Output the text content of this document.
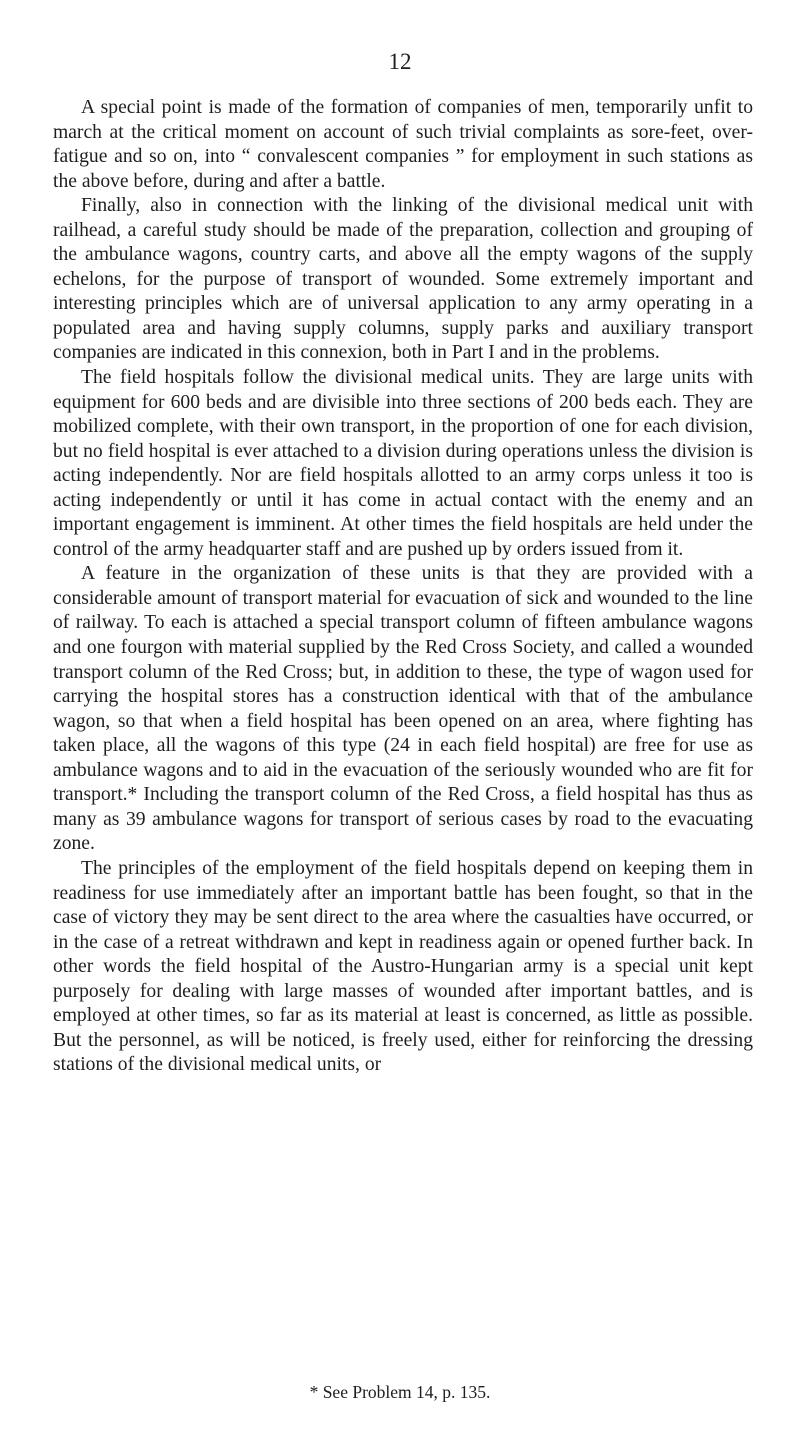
12

A special point is made of the formation of companies of men, temporarily unfit to march at the critical moment on account of such trivial complaints as sore-feet, over-fatigue and so on, into “ convalescent companies ” for employment in such stations as the above before, during and after a battle.

Finally, also in connection with the linking of the divisional medical unit with railhead, a careful study should be made of the preparation, collection and grouping of the ambulance wagons, country carts, and above all the empty wagons of the supply echelons, for the purpose of transport of wounded. Some extremely important and interesting principles which are of universal application to any army operating in a populated area and having supply columns, supply parks and auxiliary transport companies are indicated in this connexion, both in Part I and in the problems.

The field hospitals follow the divisional medical units. They are large units with equipment for 600 beds and are divisible into three sections of 200 beds each. They are mobilized complete, with their own transport, in the proportion of one for each division, but no field hospital is ever attached to a division during operations unless the division is acting independently. Nor are field hospitals allotted to an army corps unless it too is acting independently or until it has come in actual contact with the enemy and an important engagement is imminent. At other times the field hospitals are held under the control of the army headquarter staff and are pushed up by orders issued from it.

A feature in the organization of these units is that they are provided with a considerable amount of transport material for evacuation of sick and wounded to the line of railway. To each is attached a special transport column of fifteen ambulance wagons and one fourgon with material supplied by the Red Cross Society, and called a wounded transport column of the Red Cross; but, in addition to these, the type of wagon used for carrying the hospital stores has a construction identical with that of the ambulance wagon, so that when a field hospital has been opened on an area, where fighting has taken place, all the wagons of this type (24 in each field hospital) are free for use as ambulance wagons and to aid in the evacuation of the seriously wounded who are fit for transport.* Including the transport column of the Red Cross, a field hospital has thus as many as 39 ambulance wagons for transport of serious cases by road to the evacuating zone.

The principles of the employment of the field hospitals depend on keeping them in readiness for use immediately after an important battle has been fought, so that in the case of victory they may be sent direct to the area where the casualties have occurred, or in the case of a retreat withdrawn and kept in readiness again or opened further back. In other words the field hospital of the Austro-Hungarian army is a special unit kept purposely for dealing with large masses of wounded after important battles, and is employed at other times, so far as its material at least is concerned, as little as possible. But the personnel, as will be noticed, is freely used, either for reinforcing the dressing stations of the divisional medical units, or

* See Problem 14, p. 135.
